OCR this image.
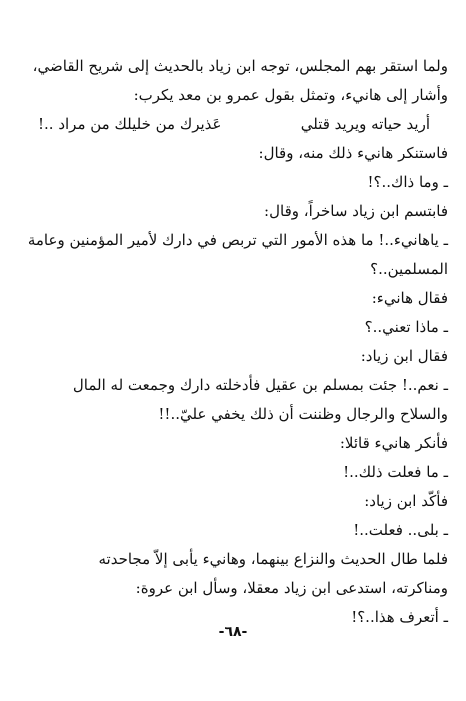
ولما استقر بهم المجلس، توجه ابن زياد بالحديث إلى شريح القاضي،
وأشار إلى هانيء، وتمثل بقول عمرو بن معد يكرب:
أريد حياته ويريد قتلي
عَذيرك من خليلك من مراد ..!
فاستنكر هانيء ذلك منه، وقال:
ـ وما ذاك..؟!
فابتسم ابن زياد ساخراً، وقال:
ـ ياهانيء..! ما هذه الأمور التي تربص في دارك لأمير المؤمنين وعامة
المسلمين..؟
فقال هانيء:
ـ ماذا تعني..؟
فقال ابن زياد:
ـ نعم..! جئت بمسلم بن عقيل فأدخلته دارك وجمعت له المال
والسلاح والرجال وظننت أن ذلك يخفي عليّ..!!
فأنكر هانيء قائلا:
ـ ما فعلت ذلك..!
فأكّد ابن زياد:
ـ بلى.. فعلت..!
فلما طال الحديث والنزاع بينهما، وهانيء يأبى إلاّ مجاحدته
ومناكرته، استدعى ابن زياد معقلا، وسأل ابن عروة:
ـ أتعرف هذا..؟!
-٦٨-
